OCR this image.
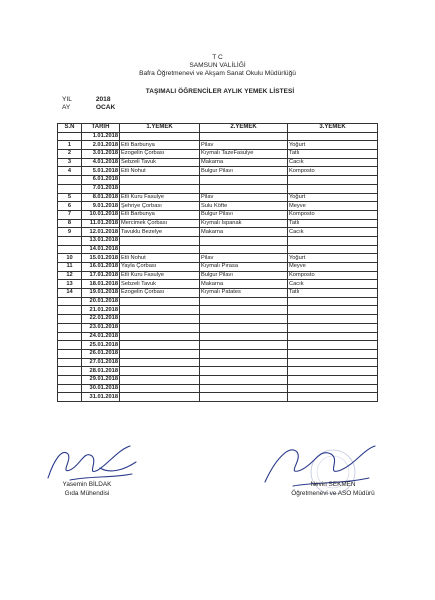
T C
SAMSUN VALİLİĞİ
Bafra Öğretmenevi ve Akşam Sanat Okulu Müdürlüğü
TAŞIMALI ÖĞRENCİLER AYLIK YEMEK LİSTESİ
YIL	2018
AY	OCAK
S.N	TARİH	1.YEMEK	2.YEMEK	3.YEMEK
	1.01.2018			
1	2.01.2018	Etli Barbunya	Pilav	Yoğurt
2	3.01.2018	Ezogelin Çorbası	Kıymalı TazeFasulye	Tatlı
3	4.01.2018	Sebzeli Tavuk	Makarna	Cacık
4	5.01.2018	Etli Nohut	Bulgur Pilavı	Komposto
	6.01.2018			
	7.01.2018			
5	8.01.2018	Etli Kuru Fasulye	Pilav	Yoğurt
6	9.01.2018	Şehriye Çorbası	Sulu Köfte	Meyve
7	10.01.2018	Etli Barbunya	Bulgur Pilavı	Komposto
8	11.01.2018	Mercimek Çorbası	Kıymalı Ispanak	Tatlı
9	12.01.2018	Tavuklu Bezelye	Makarna	Cacık
	13.01.2018			
	14.01.2018			
10	15.01.2018	Etli Nohut	Pilav	Yoğurt
11	16.01.2018	Yayla Çorbası	Kıymalı Pırasa	Meyve
12	17.01.2018	Etli Kuru Fasulye	Bulgur Pilavı	Komposto
13	18.01.2018	Sebzeli Tavuk	Makarna	Cacık
14	19.01.2018	Ezogelin Çorbası	Kıymalı Patates	Tatlı
	20.01.2018			
	21.01.2018			
	22.01.2018			
	23.01.2018			
	24.01.2018			
	25.01.2018			
	26.01.2018			
	27.01.2018			
	28.01.2018			
	29.01.2018			
	30.01.2018			
	31.01.2018			
Yasemin BİLDAK
Gıda Mühendisi
Nevin SEKMEN
Öğretmenevi ve ASO Müdürü
